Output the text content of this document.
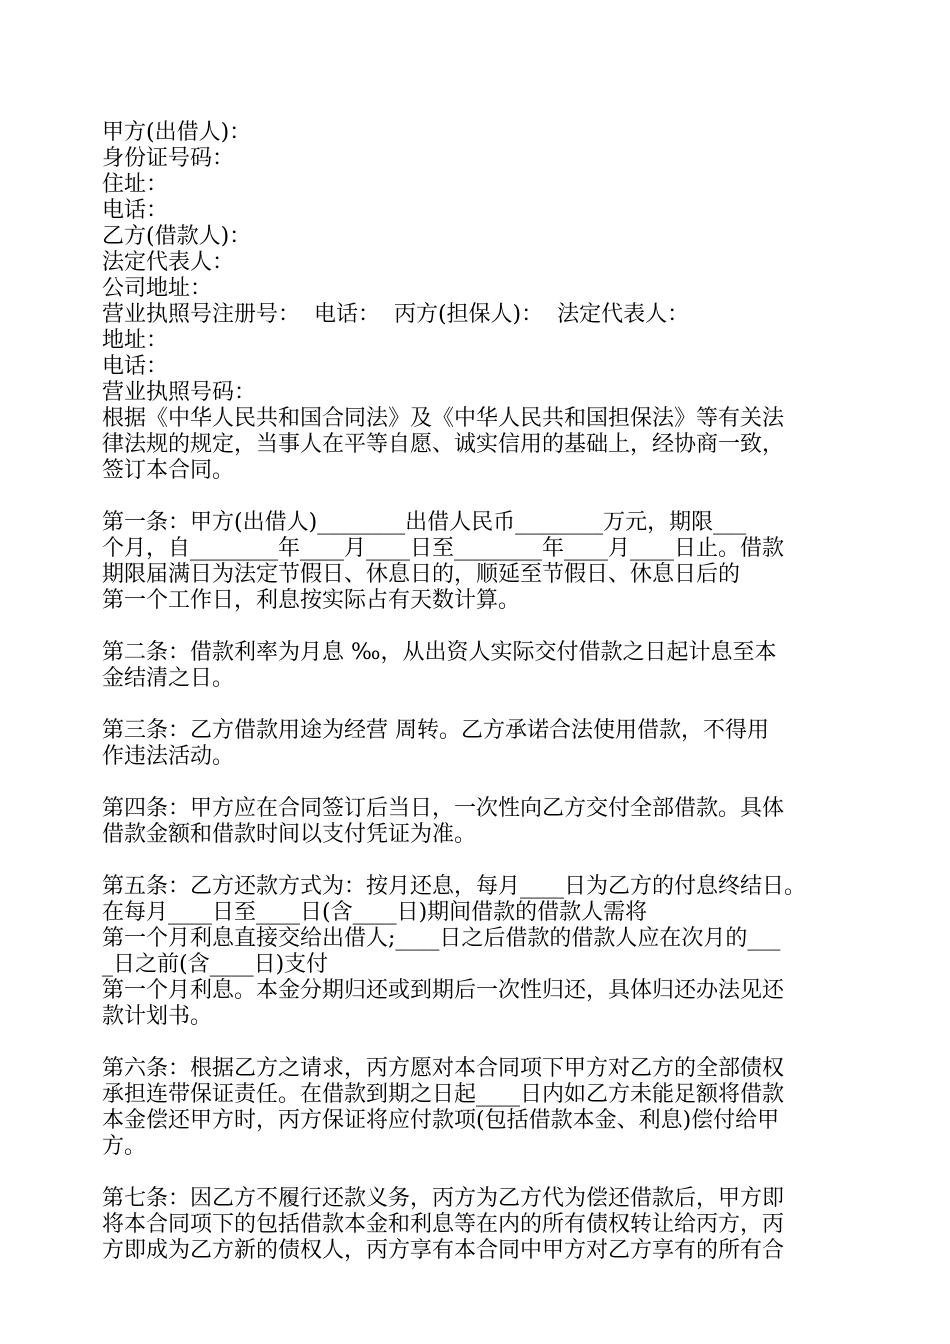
甲方(出借人)：
身份证号码：
住址：
电话：
乙方(借款人)：
法定代表人：
公司地址：
营业执照号注册号：  电话：  丙方(担保人)：  法定代表人：
地址：
电话：
营业执照号码：
根据《中华人民共和国合同法》及《中华人民共和国担保法》等有关法
律法规的规定，当事人在平等自愿、诚实信用的基础上，经协商一致，
签订本合同。
第一条：甲方(出借人)________出借人民币________万元，期限___
个月，自________年____月____日至________年____月____日止。借款
期限届满日为法定节假日、休息日的，顺延至节假日、休息日后的
第一个工作日，利息按实际占有天数计算。
第二条：借款利率为月息 ‰，从出资人实际交付借款之日起计息至本
金结清之日。
第三条：乙方借款用途为经营 周转。乙方承诺合法使用借款，不得用
作违法活动。
第四条：甲方应在合同签订后当日，一次性向乙方交付全部借款。具体
借款金额和借款时间以支付凭证为准。
第五条：乙方还款方式为：按月还息，每月____日为乙方的付息终结日。
在每月____日至____日(含____日)期间借款的借款人需将
第一个月利息直接交给出借人;____日之后借款的借款人应在次月的___
_日之前(含____日)支付
第一个月利息。本金分期归还或到期后一次性归还，具体归还办法见还
款计划书。
第六条：根据乙方之请求，丙方愿对本合同项下甲方对乙方的全部债权
承担连带保证责任。在借款到期之日起____日内如乙方未能足额将借款
本金偿还甲方时，丙方保证将应付款项(包括借款本金、利息)偿付给甲
方。
第七条：因乙方不履行还款义务，丙方为乙方代为偿还借款后，甲方即
将本合同项下的包括借款本金和利息等在内的所有债权转让给丙方，丙
方即成为乙方新的债权人，丙方享有本合同中甲方对乙方享有的所有合
